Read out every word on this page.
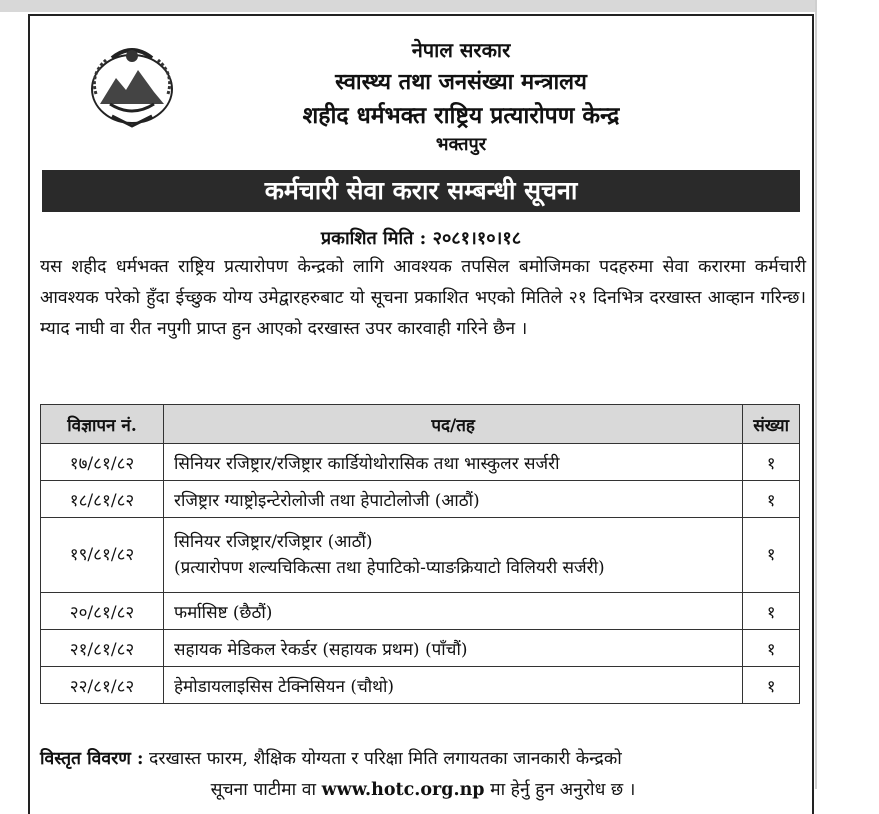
नेपाल सरकार
स्वास्थ्य तथा जनसंख्या मन्त्रालय
शहीद धर्मभक्त राष्ट्रिय प्रत्यारोपण केन्द्र
भक्तपुर
कर्मचारी सेवा करार सम्बन्धी सूचना
प्रकाशित मिति : २०८१।१०।१८
यस शहीद धर्मभक्त राष्ट्रिय प्रत्यारोपण केन्द्रको लागि आवश्यक तपसिल बमोजिमका पदहरुमा सेवा करारमा कर्मचारी आवश्यक परेको हुँदा ईच्छुक योग्य उमेद्वारहरुबाट यो सूचना प्रकाशित भएको मितिले २१ दिनभित्र दरखास्त आव्हान गरिन्छ। म्याद नाघी वा रीत नपुगी प्राप्त हुन आएको दरखास्त उपर कारवाही गरिने छैन ।
विज्ञापन नं.	पद/तह	संख्या
१७/८१/८२	सिनियर रजिष्ट्रार/रजिष्ट्रार कार्डियोथोरासिक तथा भास्कुलर सर्जरी	१
१८/८१/८२	रजिष्ट्रार ग्याष्ट्रोइन्टेरोलोजी तथा हेपाटोलोजी (आठौं)	१
१९/८१/८२	सिनियर रजिष्ट्रार/रजिष्ट्रार (आठौं)
(प्रत्यारोपण शल्यचिकित्सा तथा हेपाटिको-प्याङक्रियाटो विलियरी सर्जरी)	१
२०/८१/८२	फर्मासिष्ट (छैठौं)	१
२१/८१/८२	सहायक मेडिकल रेकर्डर (सहायक प्रथम) (पाँचौं)	१
२२/८१/८२	हेमोडायलाइसिस टेक्निसियन (चौथो)	१
विस्तृत विवरण : दरखास्त फारम, शैक्षिक योग्यता र परिक्षा मिति लगायतका जानकारी केन्द्रको
सूचना पाटीमा वा www.hotc.org.np मा हेर्नु हुन अनुरोध छ ।
